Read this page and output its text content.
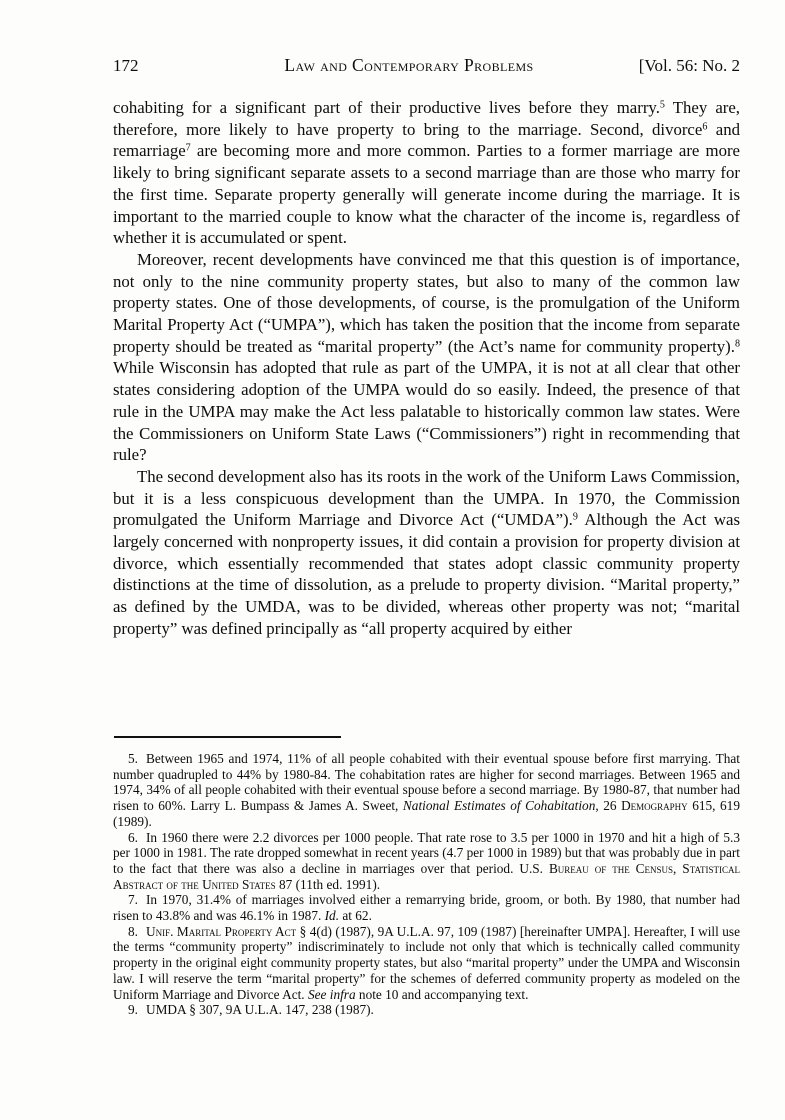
172	Law and Contemporary Problems	[Vol. 56: No. 2

cohabiting for a significant part of their productive lives before they marry.$^5$ They are, therefore, more likely to have property to bring to the marriage. Second, divorce$^6$ and remarriage$^7$ are becoming more and more common. Parties to a former marriage are more likely to bring significant separate assets to a second marriage than are those who marry for the first time. Separate property generally will generate income during the marriage. It is important to the married couple to know what the character of the income is, regardless of whether it is accumulated or spent.

Moreover, recent developments have convinced me that this question is of importance, not only to the nine community property states, but also to many of the common law property states. One of those developments, of course, is the promulgation of the Uniform Marital Property Act (“UMPA”), which has taken the position that the income from separate property should be treated as “marital property” (the Act’s name for community property).$^8$ While Wisconsin has adopted that rule as part of the UMPA, it is not at all clear that other states considering adoption of the UMPA would do so easily. Indeed, the presence of that rule in the UMPA may make the Act less palatable to historically common law states. Were the Commissioners on Uniform State Laws (“Commissioners”) right in recommending that rule?

The second development also has its roots in the work of the Uniform Laws Commission, but it is a less conspicuous development than the UMPA. In 1970, the Commission promulgated the Uniform Marriage and Divorce Act (“UMDA”).$^9$ Although the Act was largely concerned with nonproperty issues, it did contain a provision for property division at divorce, which essentially recommended that states adopt classic community property distinctions at the time of dissolution, as a prelude to property division. “Marital property,” as defined by the UMDA, was to be divided, whereas other property was not; “marital property” was defined principally as “all property acquired by either

5. Between 1965 and 1974, 11% of all people cohabited with their eventual spouse before first marrying. That number quadrupled to 44% by 1980-84. The cohabitation rates are higher for second marriages. Between 1965 and 1974, 34% of all people cohabited with their eventual spouse before a second marriage. By 1980-87, that number had risen to 60%. Larry L. Bumpass & James A. Sweet, National Estimates of Cohabitation, 26 Demography 615, 619 (1989).

6. In 1960 there were 2.2 divorces per 1000 people. That rate rose to 3.5 per 1000 in 1970 and hit a high of 5.3 per 1000 in 1981. The rate dropped somewhat in recent years (4.7 per 1000 in 1989) but that was probably due in part to the fact that there was also a decline in marriages over that period. U.S. Bureau of the Census, Statistical Abstract of the United States 87 (11th ed. 1991).

7. In 1970, 31.4% of marriages involved either a remarrying bride, groom, or both. By 1980, that number had risen to 43.8% and was 46.1% in 1987. Id. at 62.

8. Unif. Marital Property Act § 4(d) (1987), 9A U.L.A. 97, 109 (1987) [hereinafter UMPA]. Hereafter, I will use the terms “community property” indiscriminately to include not only that which is technically called community property in the original eight community property states, but also “marital property” under the UMPA and Wisconsin law. I will reserve the term “marital property” for the schemes of deferred community property as modeled on the Uniform Marriage and Divorce Act. See infra note 10 and accompanying text.

9. UMDA § 307, 9A U.L.A. 147, 238 (1987).
